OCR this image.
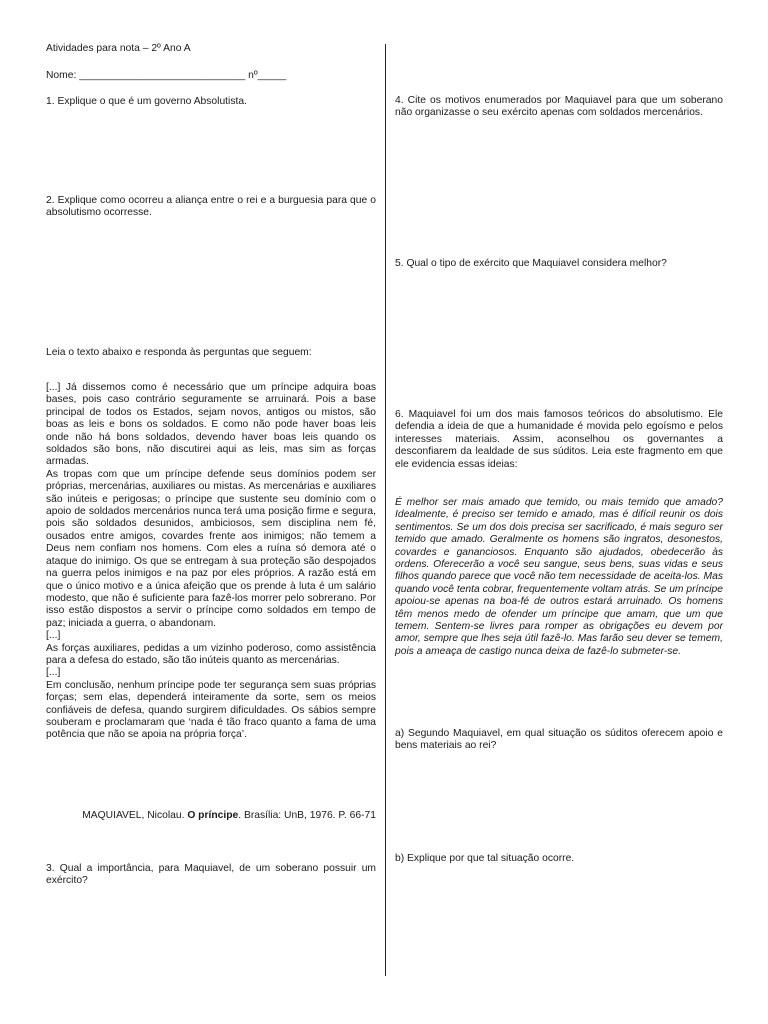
Atividades para nota – 2º Ano A
Nome: _____________________________ nº_____
1. Explique o que é um governo Absolutista.
2. Explique como ocorreu a aliança entre o rei e a burguesia para que o absolutismo ocorresse.
Leia o texto abaixo e responda às perguntas que seguem:

[...] Já dissemos como é necessário que um príncipe adquira boas bases, pois caso contrário seguramente se arruinará. Pois a base principal de todos os Estados, sejam novos, antigos ou mistos, são boas as leis e bons os soldados. E como não pode haver boas leis onde não há bons soldados, devendo haver boas leis quando os soldados são bons, não discutirei aqui as leis, mas sim as forças armadas.

As tropas com que um príncipe defende seus domínios podem ser próprias, mercenárias, auxiliares ou mistas. As mercenárias e auxiliares são inúteis e perigosas; o príncipe que sustente seu domínio com o apoio de soldados mercenários nunca terá uma posição firme e segura, pois são soldados desunidos, ambiciosos, sem disciplina nem fé, ousados entre amigos, covardes frente aos inimigos; não temem a Deus nem confiam nos homens. Com eles a ruína só demora até o ataque do inimigo. Os que se entregam à sua proteção são despojados na guerra pelos inimigos e na paz por eles próprios. A razão está em que o único motivo e a única afeição que os prende à luta é um salário modesto, que não é suficiente para fazê-los morrer pelo sobrerano. Por isso estão dispostos a servir o príncipe como soldados em tempo de paz; iniciada a guerra, o abandonam.

[...]

As forças auxiliares, pedidas a um vizinho poderoso, como assistência para a defesa do estado, são tão inúteis quanto as mercenárias.

[...]

Em conclusão, nenhum príncipe pode ter segurança sem suas próprias forças; sem elas, dependerá inteiramente da sorte, sem os meios confiáveis de defesa, quando surgirem dificuldades. Os sábios sempre souberam e proclamaram que ‘nada é tão fraco quanto a fama de uma potência que não se apoia na própria força’.

MAQUIAVEL, Nicolau. O príncipe. Brasília: UnB, 1976. P. 66-71
3. Qual a importância, para Maquiavel, de um soberano possuir um exército?
4. Cite os motivos enumerados por Maquiavel para que um soberano não organizasse o seu exército apenas com soldados mercenários.
5. Qual o tipo de exército que Maquiavel considera melhor?
6. Maquiavel foi um dos mais famosos teóricos do absolutismo. Ele defendia a ideia de que a humanidade é movida pelo egoísmo e pelos interesses materiais. Assim, aconselhou os governantes a desconfiarem da lealdade de sus súditos. Leia este fragmento em que ele evidencia essas ideias:
É melhor ser mais amado que temido, ou mais temido que amado? Idealmente, é preciso ser temido e amado, mas é difícil reunir os dois sentimentos. Se um dos dois precisa ser sacrificado, é mais seguro ser temido que amado. Geralmente os homens são ingratos, desonestos, covardes e gananciosos. Enquanto são ajudados, obedecerão às ordens. Oferecerão a você seu sangue, seus bens, suas vidas e seus filhos quando parece que você não tem necessidade de aceita-los. Mas quando você tenta cobrar, frequentemente voltam atrás. Se um príncipe apoiou-se apenas na boa-fé de outros estará arruinado. Os homens têm menos medo de ofender um príncipe que amam, que um que temem. Sentem-se livres para romper as obrigações eu devem por amor, sempre que lhes seja útil fazê-lo. Mas farão seu dever se temem, pois a ameaça de castigo nunca deixa de fazê-lo submeter-se.
a) Segundo Maquiavel, em qual situação os súditos oferecem apoio e bens materiais ao rei?
b) Explique por que tal situação ocorre.
